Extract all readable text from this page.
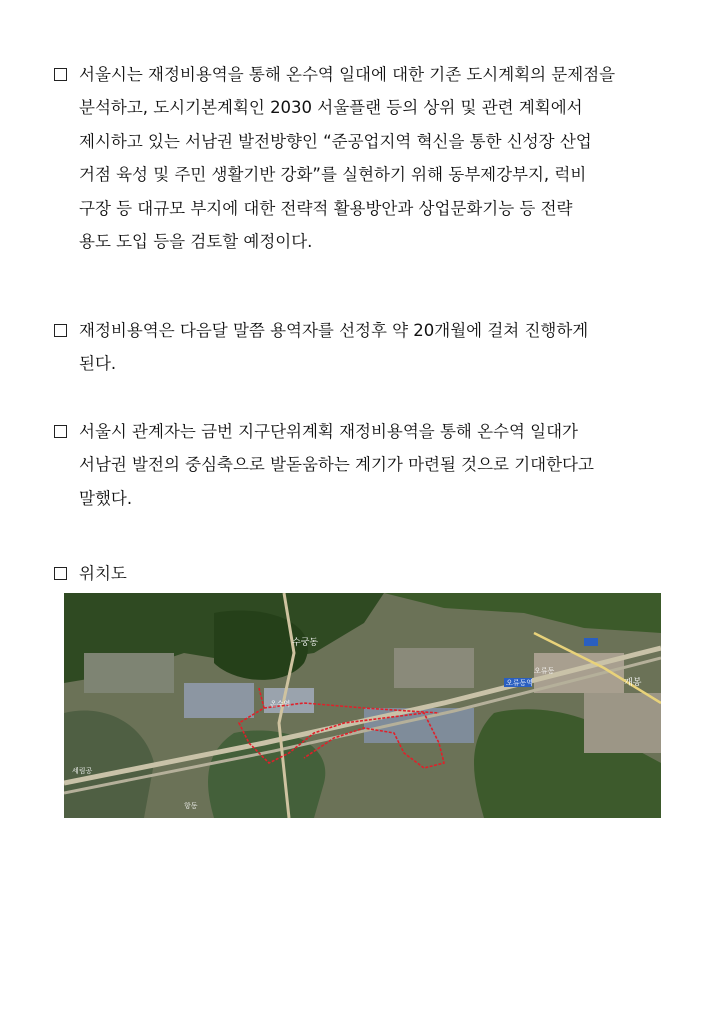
서울시는 재정비용역을 통해 온수역 일대에 대한 기존 도시계획의 문제점을
분석하고, 도시기본계획인 2030 서울플랜 등의 상위 및 관련 계획에서
제시하고 있는 서남권 발전방향인 “준공업지역 혁신을 통한 신성장 산업
거점 육성 및 주민 생활기반 강화”를 실현하기 위해 동부제강부지, 럭비
구장 등 대규모 부지에 대한 전략적 활용방안과 상업문화기능 등 전략
용도 도입 등을 검토할 예정이다.
재정비용역은 다음달 말쯤 용역자를 선정후 약 20개월에 걸쳐 진행하게
된다.
서울시 관계자는 금번 지구단위계획 재정비용역을 통해 온수역 일대가
서남권 발전의 중심축으로 발돋움하는 계기가 마련될 것으로 기대한다고
말했다.
위치도
온수역
오류동역
수궁동
개봉
세림공
오류동
항동
